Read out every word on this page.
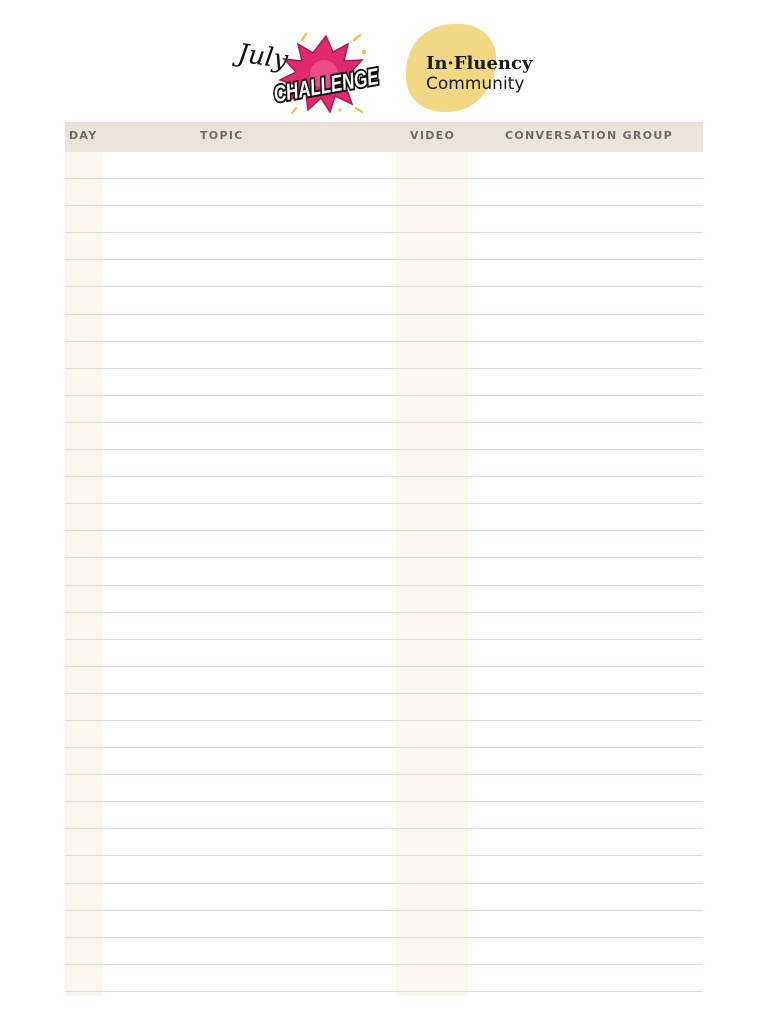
July
CHALLENGE In·Fluency
Community
DAY	TOPIC	VIDEO	CONVERSATION GROUP
